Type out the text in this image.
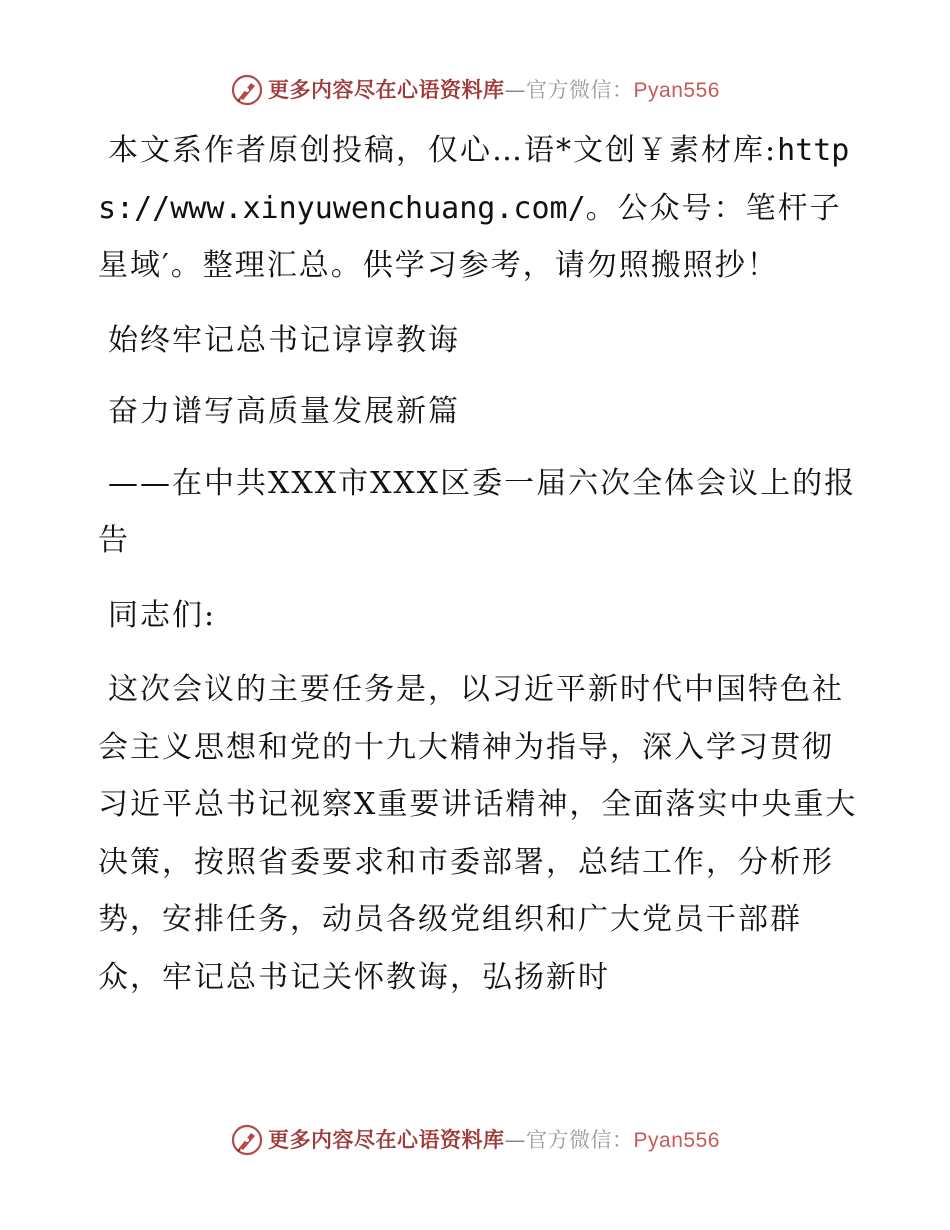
更多内容尽在心语资料库—官方微信：Pyan556

本文系作者原创投稿，仅心…语*文创￥素材库:https://www.xinyuwenchuang.com/。公众号：笔杆子星域′。整理汇总。供学习参考，请勿照搬照抄！

始终牢记总书记谆谆教诲

奋力谱写高质量发展新篇

——在中共XXX市XXX区委一届六次全体会议上的报告

同志们:

这次会议的主要任务是，以习近平新时代中国特色社会主义思想和党的十九大精神为指导，深入学习贯彻习近平总书记视察X重要讲话精神，全面落实中央重大决策，按照省委要求和市委部署，总结工作，分析形势，安排任务，动员各级党组织和广大党员干部群众，牢记总书记关怀教诲，弘扬新时

更多内容尽在心语资料库—官方微信：Pyan556
